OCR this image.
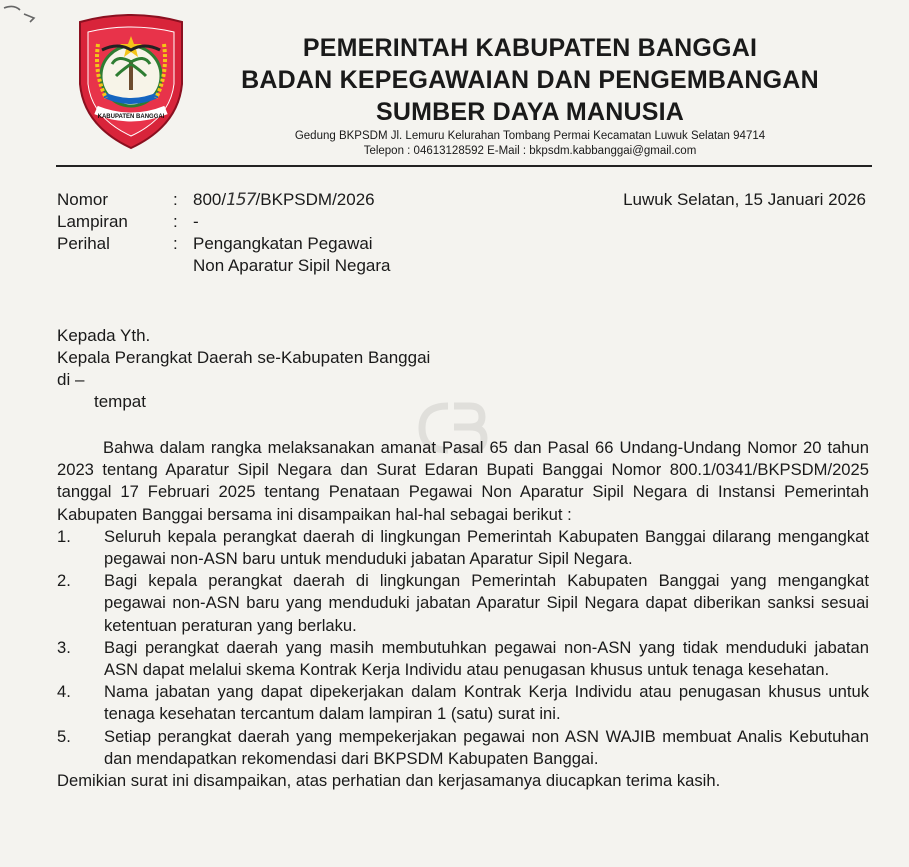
KABUPATEN BANGGAI
PEMERINTAH KABUPATEN BANGGAI
BADAN KEPEGAWAIAN DAN PENGEMBANGAN
SUMBER DAYA MANUSIA
Gedung BKPSDM Jl. Lemuru Kelurahan Tombang Permai Kecamatan Luwuk Selatan 94714
Telepon : 04613128592 E-Mail : bkpsdm.kabbanggai@gmail.com
Nomor	: 800/157/BKPSDM/2026
Lampiran	: -
Perihal	: Pengangkatan Pegawai
Non Aparatur Sipil Negara
Luwuk Selatan, 15 Januari 2026
Kepada Yth.
Kepala Perangkat Daerah se-Kabupaten Banggai
di –
tempat

Bahwa dalam rangka melaksanakan amanat Pasal 65 dan Pasal 66 Undang-Undang Nomor 20 tahun 2023 tentang Aparatur Sipil Negara dan Surat Edaran Bupati Banggai Nomor 800.1/0341/BKPSDM/2025 tanggal 17 Februari 2025 tentang Penataan Pegawai Non Aparatur Sipil Negara di Instansi Pemerintah Kabupaten Banggai bersama ini disampaikan hal-hal sebagai berikut :

1.	Seluruh kepala perangkat daerah di lingkungan Pemerintah Kabupaten Banggai dilarang mengangkat pegawai non-ASN baru untuk menduduki jabatan Aparatur Sipil Negara.
2.	Bagi kepala perangkat daerah di lingkungan Pemerintah Kabupaten Banggai yang mengangkat pegawai non-ASN baru yang menduduki jabatan Aparatur Sipil Negara dapat diberikan sanksi sesuai ketentuan peraturan yang berlaku.
3.	Bagi perangkat daerah yang masih membutuhkan pegawai non-ASN yang tidak menduduki jabatan ASN dapat melalui skema Kontrak Kerja Individu atau penugasan khusus untuk tenaga kesehatan.
4.	Nama jabatan yang dapat dipekerjakan dalam Kontrak Kerja Individu atau penugasan khusus untuk tenaga kesehatan tercantum dalam lampiran 1 (satu) surat ini.
5.	Setiap perangkat daerah yang mempekerjakan pegawai non ASN WAJIB membuat Analis Kebutuhan dan mendapatkan rekomendasi dari BKPSDM Kabupaten Banggai.

Demikian surat ini disampaikan, atas perhatian dan kerjasamanya diucapkan terima kasih.
